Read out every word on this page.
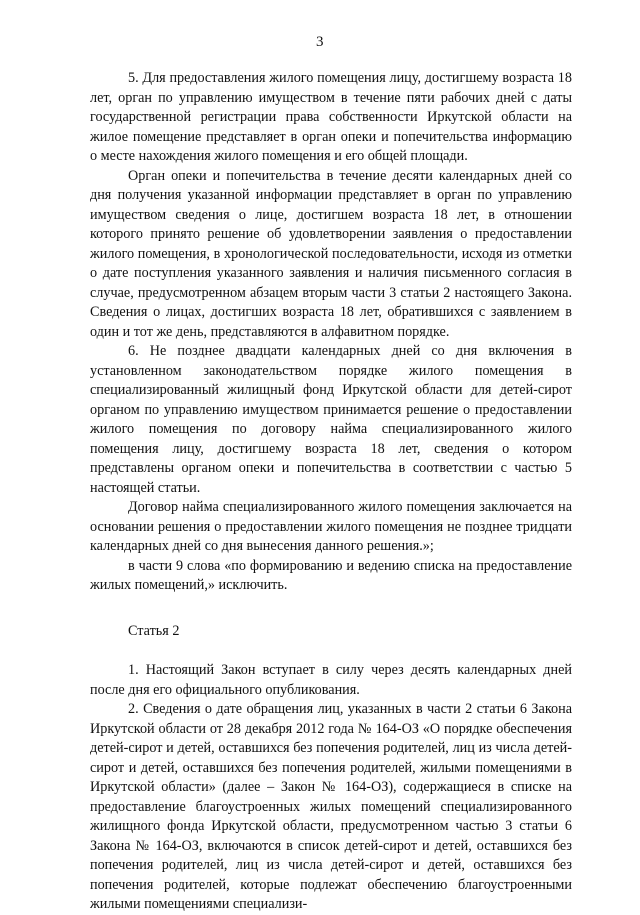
3

5. Для предоставления жилого помещения лицу, достигшему возраста 18 лет, орган по управлению имуществом в течение пяти рабочих дней с даты государственной регистрации права собственности Иркутской области на жилое помещение представляет в орган опеки и попечительства информацию о месте нахождения жилого помещения и его общей площади.

Орган опеки и попечительства в течение десяти календарных дней со дня получения указанной информации представляет в орган по управлению имуществом сведения о лице, достигшем возраста 18 лет, в отношении которого принято решение об удовлетворении заявления о предоставлении жилого помещения, в хронологической последовательности, исходя из отметки о дате поступления указанного заявления и наличия письменного согласия в случае, предусмотренном абзацем вторым части 3 статьи 2 настоящего Закона. Сведения о лицах, достигших возраста 18 лет, обратившихся с заявлением в один и тот же день, представляются в алфавитном порядке.

6. Не позднее двадцати календарных дней со дня включения в установленном законодательством порядке жилого помещения в специализированный жилищный фонд Иркутской области для детей-сирот органом по управлению имуществом принимается решение о предоставлении жилого помещения по договору найма специализированного жилого помещения лицу, достигшему возраста 18 лет, сведения о котором представлены органом опеки и попечительства в соответствии с частью 5 настоящей статьи.

Договор найма специализированного жилого помещения заключается на основании решения о предоставлении жилого помещения не позднее тридцати календарных дней со дня вынесения данного решения.»;

в части 9 слова «по формированию и ведению списка на предоставление жилых помещений,» исключить.

Статья 2

1. Настоящий Закон вступает в силу через десять календарных дней после дня его официального опубликования.

2. Сведения о дате обращения лиц, указанных в части 2 статьи 6 Закона Иркутской области от 28 декабря 2012 года № 164-ОЗ «О порядке обеспечения детей-сирот и детей, оставшихся без попечения родителей, лиц из числа детей-сирот и детей, оставшихся без попечения родителей, жилыми помещениями в Иркутской области» (далее – Закон № 164-ОЗ), содержащиеся в списке на предоставление благоустроенных жилых помещений специализированного жилищного фонда Иркутской области, предусмотренном частью 3 статьи 6 Закона № 164-ОЗ, включаются в список детей-сирот и детей, оставшихся без попечения родителей, лиц из числа детей-сирот и детей, оставшихся без попечения родителей, которые подлежат обеспечению благоустроенными жилыми помещениями специализи-
